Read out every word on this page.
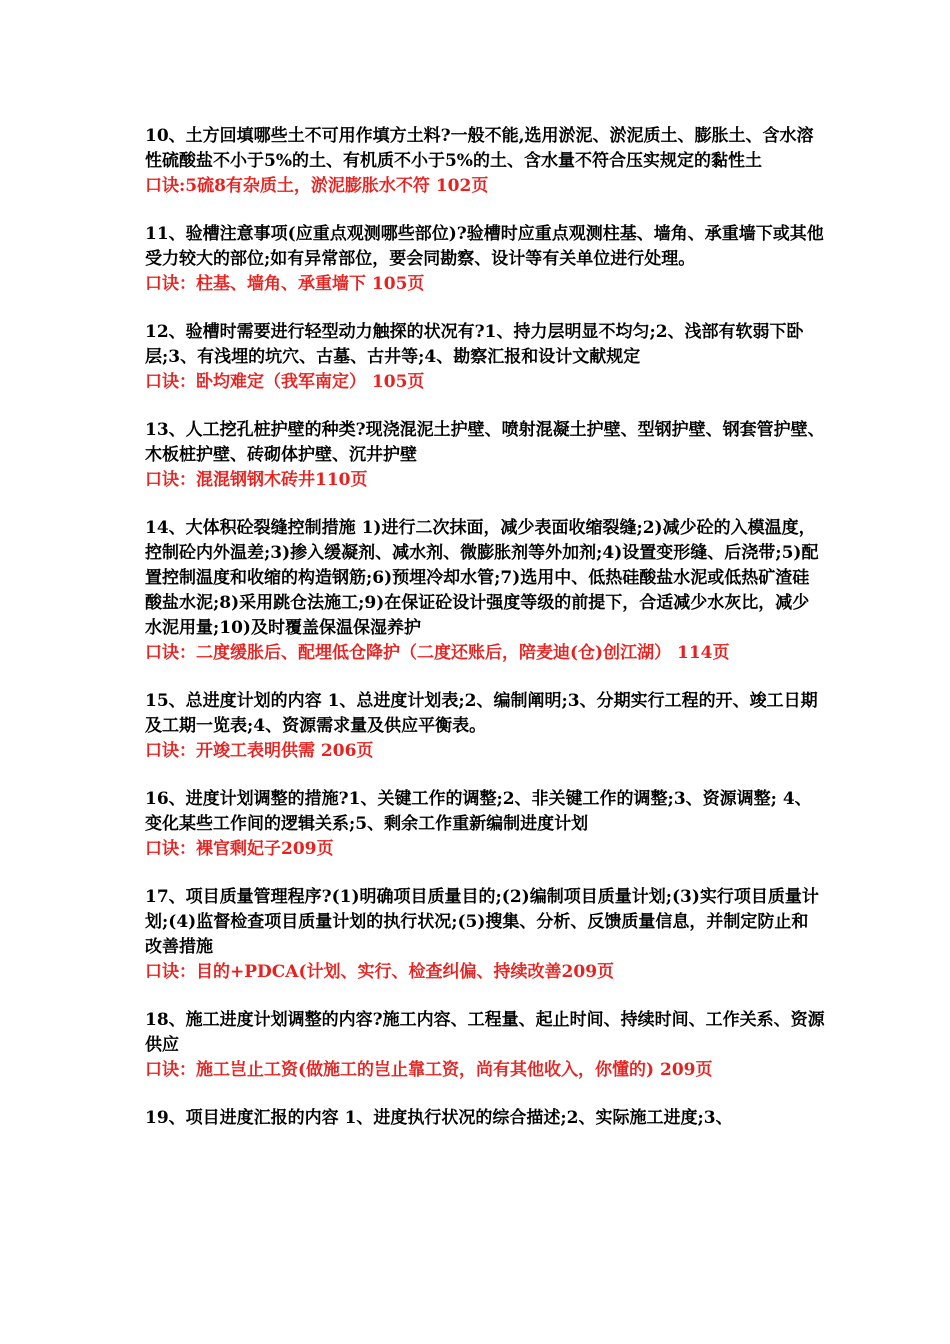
10、土方回填哪些土不可用作填方土料?一般不能,选用淤泥、淤泥质土、膨胀土、含水溶性硫酸盐不小于5%的土、有机质不小于5%的土、含水量不符合压实规定的黏性土

口诀:5硫8有杂质土，淤泥膨胀水不符 102页

11、验槽注意事项(应重点观测哪些部位)?验槽时应重点观测柱基、墙角、承重墙下或其他受力较大的部位;如有异常部位，要会同勘察、设计等有关单位进行处理。

口诀：柱基、墙角、承重墙下 105页

12、验槽时需要进行轻型动力触探的状况有?1、持力层明显不均匀;2、浅部有软弱下卧层;3、有浅埋的坑穴、古墓、古井等;4、勘察汇报和设计文献规定

口诀：卧均难定（我军南定） 105页

13、人工挖孔桩护壁的种类?现浇混泥土护壁、喷射混凝土护壁、型钢护壁、钢套管护壁、木板桩护壁、砖砌体护壁、沉井护壁

口诀：混混钢钢木砖井110页

14、大体积砼裂缝控制措施 1)进行二次抹面，减少表面收缩裂缝;2)减少砼的入模温度，控制砼内外温差;3)掺入缓凝剂、减水剂、微膨胀剂等外加剂;4)设置变形缝、后浇带;5)配置控制温度和收缩的构造钢筋;6)预埋冷却水管;7)选用中、低热硅酸盐水泥或低热矿渣硅酸盐水泥;8)采用跳仓法施工;9)在保证砼设计强度等级的前提下，合适减少水灰比，减少水泥用量;10)及时覆盖保温保湿养护

口诀：二度缓胀后、配埋低仓降护（二度还账后，陪麦迪(仓)创江湖） 114页

15、总进度计划的内容 1、总进度计划表;2、编制阐明;3、分期实行工程的开、竣工日期及工期一览表;4、资源需求量及供应平衡表。

口诀：开竣工表明供需 206页

16、进度计划调整的措施?1、关键工作的调整;2、非关键工作的调整;3、资源调整; 4、变化某些工作间的逻辑关系;5、剩余工作重新编制进度计划

口诀：裸官剩妃子209页

17、项目质量管理程序?(1)明确项目质量目的;(2)编制项目质量计划;(3)实行项目质量计划;(4)监督检查项目质量计划的执行状况;(5)搜集、分析、反馈质量信息，并制定防止和改善措施

口诀：目的+PDCA(计划、实行、检查纠偏、持续改善209页

18、施工进度计划调整的内容?施工内容、工程量、起止时间、持续时间、工作关系、资源供应

口诀：施工岂止工资(做施工的岂止靠工资，尚有其他收入，你懂的) 209页

19、项目进度汇报的内容 1、进度执行状况的综合描述;2、实际施工进度;3、
